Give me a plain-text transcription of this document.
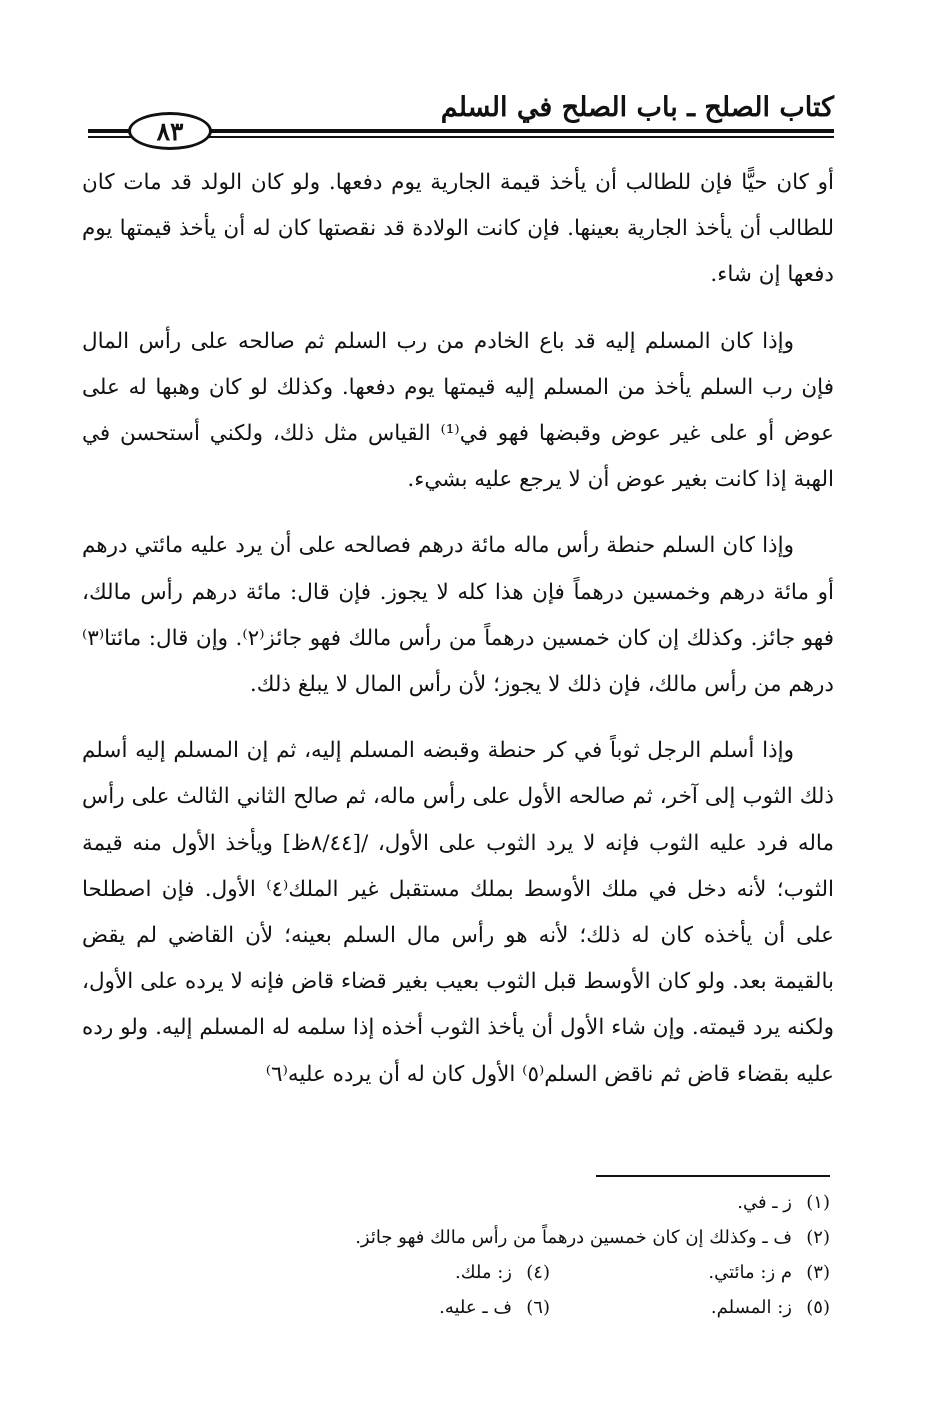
كتاب الصلح ـ باب الصلح في السلم
٨٣

أو كان حيًّا فإن للطالب أن يأخذ قيمة الجارية يوم دفعها. ولو كان الولد قد مات كان للطالب أن يأخذ الجارية بعينها. فإن كانت الولادة قد نقصتها كان له أن يأخذ قيمتها يوم دفعها إن شاء.

وإذا كان المسلم إليه قد باع الخادم من رب السلم ثم صالحه على رأس المال فإن رب السلم يأخذ من المسلم إليه قيمتها يوم دفعها. وكذلك لو كان وهبها له على عوض أو على غير عوض وقبضها فهو في⁽¹⁾ القياس مثل ذلك، ولكني أستحسن في الهبة إذا كانت بغير عوض أن لا يرجع عليه بشيء.

وإذا كان السلم حنطة رأس ماله مائة درهم فصالحه على أن يرد عليه مائتي درهم أو مائة درهم وخمسين درهماً فإن هذا كله لا يجوز. فإن قال: مائة درهم رأس مالك، فهو جائز. وكذلك إن كان خمسين درهماً من رأس مالك فهو جائز⁽٢⁾. وإن قال: مائتا⁽٣⁾ درهم من رأس مالك، فإن ذلك لا يجوز؛ لأن رأس المال لا يبلغ ذلك.

وإذا أسلم الرجل ثوباً في كر حنطة وقبضه المسلم إليه، ثم إن المسلم إليه أسلم ذلك الثوب إلى آخر، ثم صالحه الأول على رأس ماله، ثم صالح الثاني الثالث على رأس ماله فرد عليه الثوب فإنه لا يرد الثوب على الأول، /[٨/٤٤ظ] ويأخذ الأول منه قيمة الثوب؛ لأنه دخل في ملك الأوسط بملك مستقبل غير الملك⁽٤⁾ الأول. فإن اصطلحا على أن يأخذه كان له ذلك؛ لأنه هو رأس مال السلم بعينه؛ لأن القاضي لم يقض بالقيمة بعد. ولو كان الأوسط قبل الثوب بعيب بغير قضاء قاض فإنه لا يرده على الأول، ولكنه يرد قيمته. وإن شاء الأول أن يأخذ الثوب أخذه إذا سلمه له المسلم إليه. ولو رده عليه بقضاء قاض ثم ناقض السلم⁽٥⁾ الأول كان له أن يرده عليه⁽٦⁾

(١)ز ـ في.
(٢)ف ـ وكذلك إن كان خمسين درهماً من رأس مالك فهو جائز.
(٣)م ز: مائتي.
(٤)ز: ملك.
(٥)ز: المسلم.
(٦)ف ـ عليه.
